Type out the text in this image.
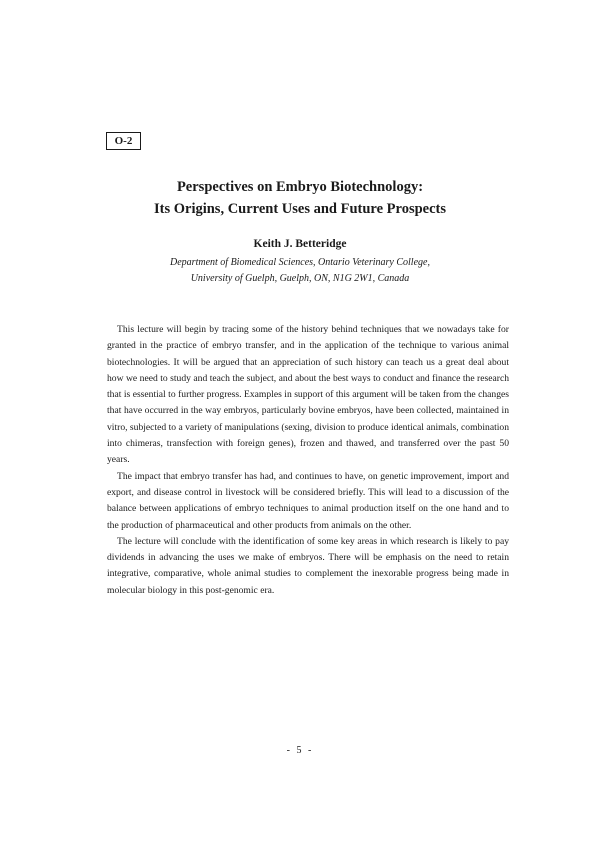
O-2
Perspectives on Embryo Biotechnology:
Its Origins, Current Uses and Future Prospects
Keith J. Betteridge
Department of Biomedical Sciences, Ontario Veterinary College,
University of Guelph, Guelph, ON, N1G 2W1, Canada

This lecture will begin by tracing some of the history behind techniques that we nowadays take for granted in the practice of embryo transfer, and in the application of the technique to various animal biotechnologies. It will be argued that an appreciation of such history can teach us a great deal about how we need to study and teach the subject, and about the best ways to conduct and finance the research that is essential to further progress. Examples in support of this argument will be taken from the changes that have occurred in the way embryos, particularly bovine embryos, have been collected, maintained in vitro, subjected to a variety of manipulations (sexing, division to produce identical animals, combination into chimeras, transfection with foreign genes), frozen and thawed, and transferred over the past 50 years.

The impact that embryo transfer has had, and continues to have, on genetic improvement, import and export, and disease control in livestock will be considered briefly. This will lead to a discussion of the balance between applications of embryo techniques to animal production itself on the one hand and to the production of pharmaceutical and other products from animals on the other.

The lecture will conclude with the identification of some key areas in which research is likely to pay dividends in advancing the uses we make of embryos. There will be emphasis on the need to retain integrative, comparative, whole animal studies to complement the inexorable progress being made in molecular biology in this post-genomic era.

- 5 -
